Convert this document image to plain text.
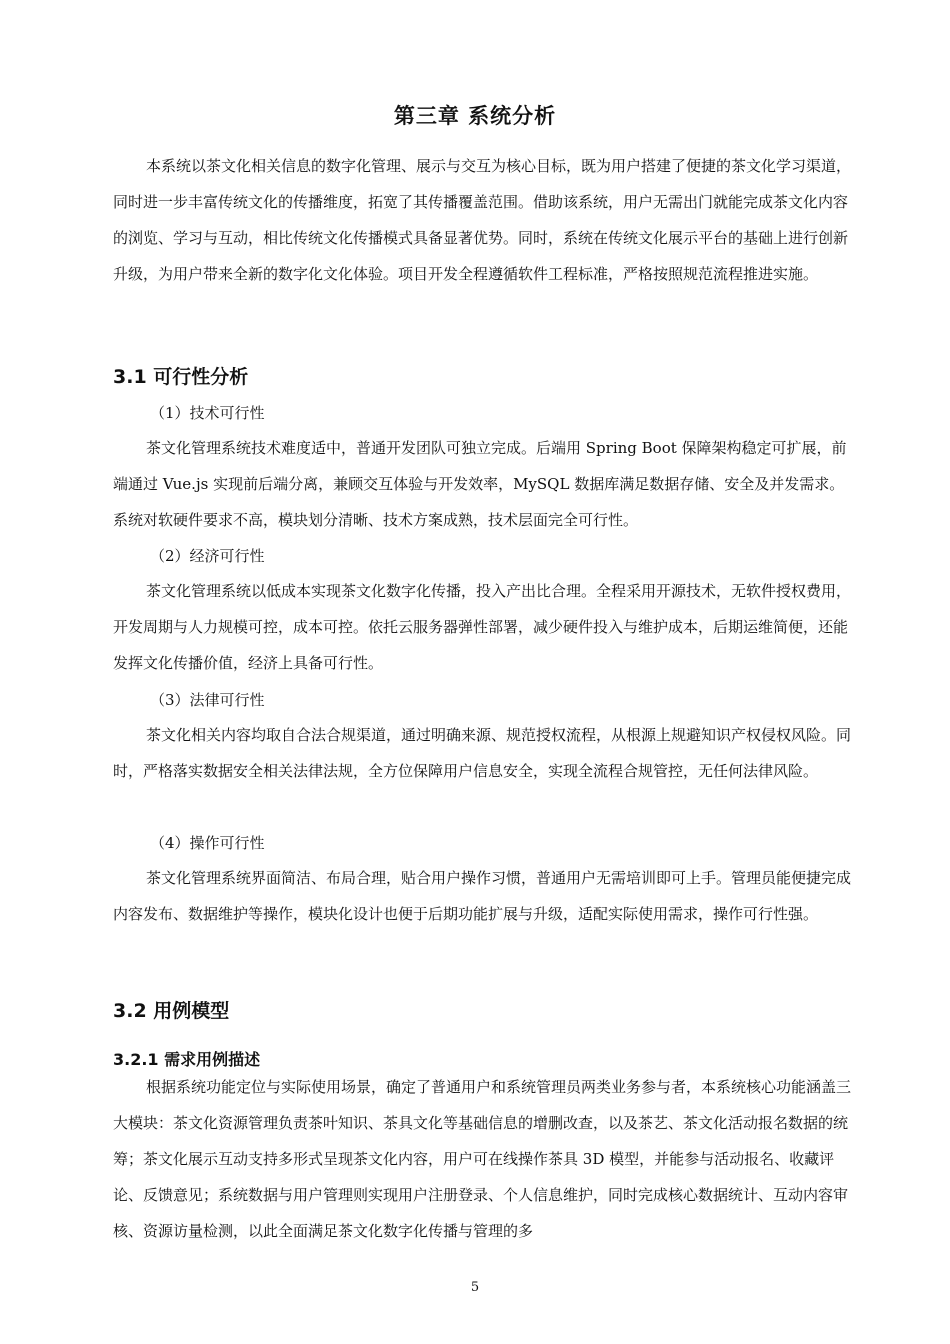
第三章 系统分析

本系统以茶文化相关信息的数字化管理、展示与交互为核心目标，既为用户搭建了便捷的茶文化学习渠道，同时进一步丰富传统文化的传播维度，拓宽了其传播覆盖范围。借助该系统，用户无需出门就能完成茶文化内容的浏览、学习与互动，相比传统文化传播模式具备显著优势。同时，系统在传统文化展示平台的基础上进行创新升级，为用户带来全新的数字化文化体验。项目开发全程遵循软件工程标准，严格按照规范流程推进实施。

3.1 可行性分析

（1）技术可行性

茶文化管理系统技术难度适中，普通开发团队可独立完成。后端用 Spring Boot 保障架构稳定可扩展，前端通过 Vue.js 实现前后端分离，兼顾交互体验与开发效率，MySQL 数据库满足数据存储、安全及并发需求。系统对软硬件要求不高，模块划分清晰、技术方案成熟，技术层面完全可行性。

（2）经济可行性

茶文化管理系统以低成本实现茶文化数字化传播，投入产出比合理。全程采用开源技术，无软件授权费用，开发周期与人力规模可控，成本可控。依托云服务器弹性部署，减少硬件投入与维护成本，后期运维简便，还能发挥文化传播价值，经济上具备可行性。

（3）法律可行性

茶文化相关内容均取自合法合规渠道，通过明确来源、规范授权流程，从根源上规避知识产权侵权风险。同时，严格落实数据安全相关法律法规，全方位保障用户信息安全，实现全流程合规管控，无任何法律风险。

（4）操作可行性

茶文化管理系统界面简洁、布局合理，贴合用户操作习惯，普通用户无需培训即可上手。管理员能便捷完成内容发布、数据维护等操作，模块化设计也便于后期功能扩展与升级，适配实际使用需求，操作可行性强。

3.2 用例模型
3.2.1 需求用例描述

根据系统功能定位与实际使用场景，确定了普通用户和系统管理员两类业务参与者，本系统核心功能涵盖三大模块：茶文化资源管理负责茶叶知识、茶具文化等基础信息的增删改查，以及茶艺、茶文化活动报名数据的统筹；茶文化展示互动支持多形式呈现茶文化内容，用户可在线操作茶具 3D 模型，并能参与活动报名、收藏评论、反馈意见；系统数据与用户管理则实现用户注册登录、个人信息维护，同时完成核心数据统计、互动内容审核、资源访量检测，以此全面满足茶文化数字化传播与管理的多

5
